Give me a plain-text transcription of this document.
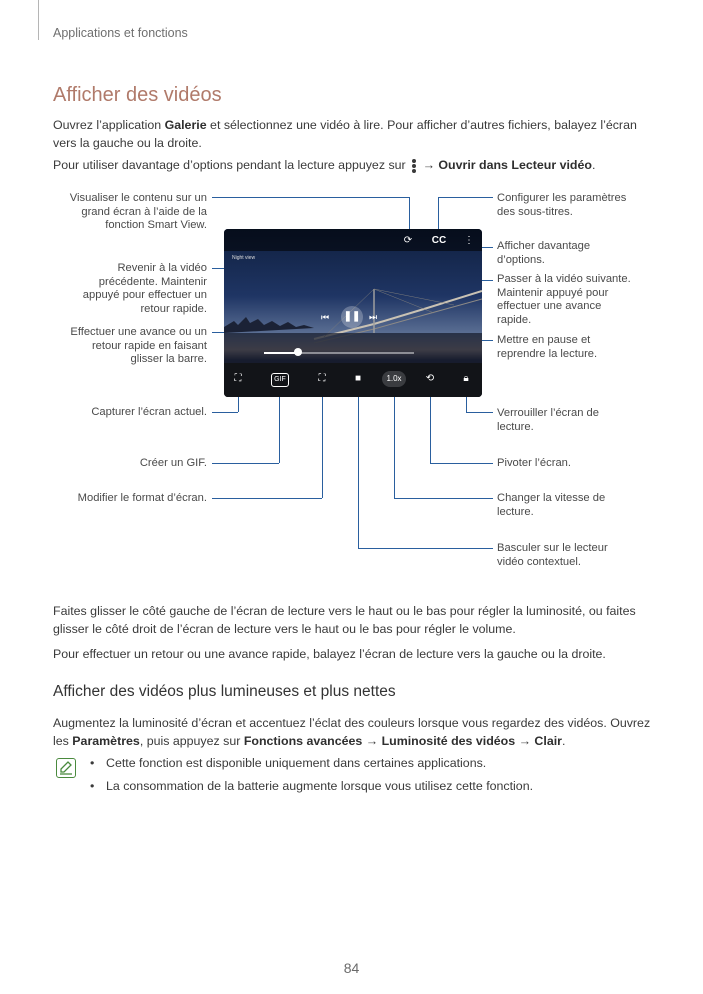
Applications et fonctions
Afficher des vidéos
Ouvrez l’application Galerie et sélectionnez une vidéo à lire. Pour afficher d’autres fichiers, balayez l’écran vers la gauche ou la droite.
Pour utiliser davantage d’options pendant la lecture appuyez sur
→ Ouvrir dans Lecteur vidéo.
Visualiser le contenu sur un grand écran à l’aide de la fonction Smart View.
Revenir à la vidéo précédente. Maintenir appuyé pour effectuer un retour rapide.
Effectuer une avance ou un retour rapide en faisant glisser la barre.
Capturer l’écran actuel.
Créer un GIF.
Modifier le format d’écran.
Configurer les paramètres des sous-titres.
Afficher davantage d’options.
Passer à la vidéo suivante. Maintenir appuyé pour effectuer une avance rapide.
Mettre en pause et reprendre la lecture.
Verrouiller l’écran de lecture.
Pivoter l’écran.
Changer la vitesse de lecture.
Basculer sur le lecteur vidéo contextuel.
Night view
⟳	CC	⋮
⏮ ❚❚ ⏭
⛶	GIF	⛶	■	1.0x	⟲	🔒︎
Faites glisser le côté gauche de l’écran de lecture vers le haut ou le bas pour régler la luminosité, ou faites glisser le côté droit de l’écran de lecture vers le haut ou le bas pour régler le volume.
Pour effectuer un retour ou une avance rapide, balayez l’écran de lecture vers la gauche ou la droite.
Afficher des vidéos plus lumineuses et plus nettes
Augmentez la luminosité d’écran et accentuez l’éclat des couleurs lorsque vous regardez des vidéos. Ouvrez les Paramètres, puis appuyez sur Fonctions avancées → Luminosité des vidéos → Clair.
• Cette fonction est disponible uniquement dans certaines applications.
• La consommation de la batterie augmente lorsque vous utilisez cette fonction.
84
